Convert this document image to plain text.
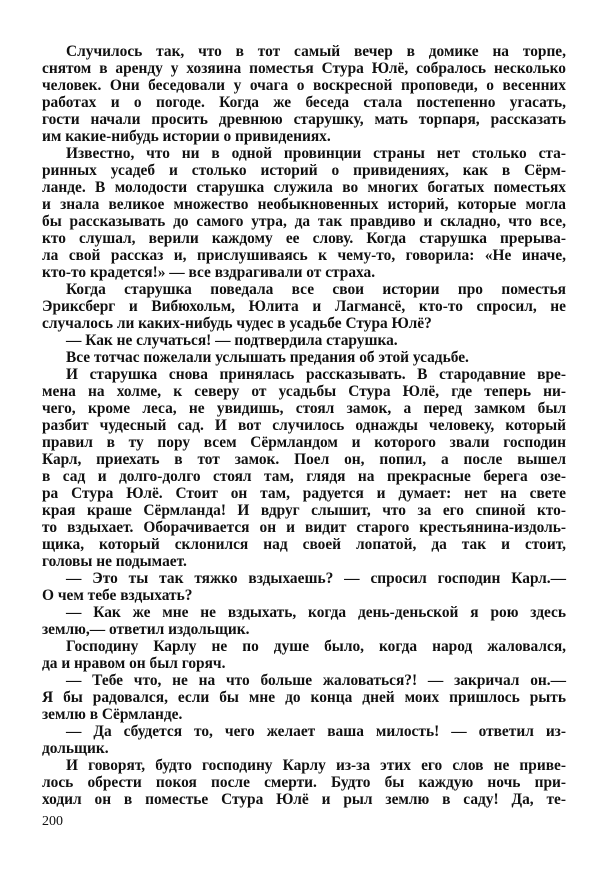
Случилось так, что в тот самый вечер в домике на торпе,
снятом в аренду у хозяина поместья Стура Юлё, собралось несколько
человек. Они беседовали у очага о воскресной проповеди, о весенних
работах и о погоде. Когда же беседа стала постепенно угасать,
гости начали просить древнюю старушку, мать торпаря, рассказать
им какие-нибудь истории о привидениях.
Известно, что ни в одной провинции страны нет столько ста-
ринных усадеб и столько историй о привидениях, как в Сёрм-
ланде. В молодости старушка служила во многих богатых поместьях
и знала великое множество необыкновенных историй, которые могла
бы рассказывать до самого утра, да так правдиво и складно, что все,
кто слушал, верили каждому ее слову. Когда старушка прерыва-
ла свой рассказ и, прислушиваясь к чему-то, говорила: «Не иначе,
кто-то крадется!» — все вздрагивали от страха.
Когда старушка поведала все свои истории про поместья
Эриксберг и Вибюхольм, Юлита и Лагмансё, кто-то спросил, не
случалось ли каких-нибудь чудес в усадьбе Стура Юлё?
— Как не случаться! — подтвердила старушка.
Все тотчас пожелали услышать предания об этой усадьбе.
И старушка снова принялась рассказывать. В стародавние вре-
мена на холме, к северу от усадьбы Стура Юлё, где теперь ни-
чего, кроме леса, не увидишь, стоял замок, а перед замком был
разбит чудесный сад. И вот случилось однажды человеку, который
правил в ту пору всем Сёрмландом и которого звали господин
Карл, приехать в тот замок. Поел он, попил, а после вышел
в сад и долго-долго стоял там, глядя на прекрасные берега озе-
ра Стура Юлё. Стоит он там, радуется и думает: нет на свете
края краше Сёрмланда! И вдруг слышит, что за его спиной кто-
то вздыхает. Оборачивается он и видит старого крестьянина-издоль-
щика, который склонился над своей лопатой, да так и стоит,
головы не подымает.
— Это ты так тяжко вздыхаешь? — спросил господин Карл.—
О чем тебе вздыхать?
— Как же мне не вздыхать, когда день-деньской я рою здесь
землю,— ответил издольщик.
Господину Карлу не по душе было, когда народ жаловался,
да и нравом он был горяч.
— Тебе что, не на что больше жаловаться?! — закричал он.—
Я бы радовался, если бы мне до конца дней моих пришлось рыть
землю в Сёрмланде.
— Да сбудется то, чего желает ваша милость! — ответил из-
дольщик.
И говорят, будто господину Карлу из-за этих его слов не приве-
лось обрести покоя после смерти. Будто бы каждую ночь при-
ходил он в поместье Стура Юлё и рыл землю в саду! Да, те-
200
